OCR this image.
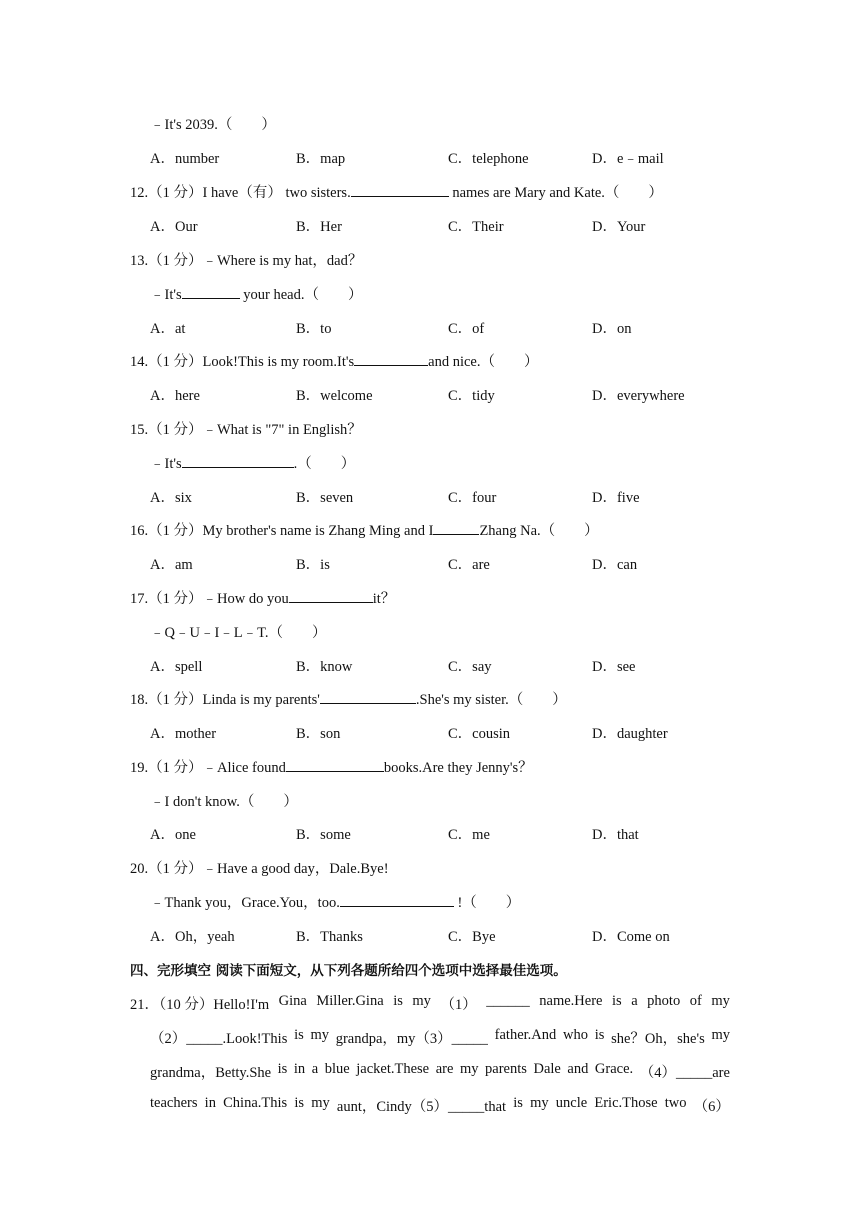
﹣It's 2039.（　　）
A．number	B．map	C．telephone	D．e﹣mail
12.（1 分）I have（有） two sisters.	names are Mary and Kate.（　　）
A．Our	B．Her	C．Their	D．Your
13.（1 分）﹣Where is my hat，dad？
﹣It's	your head.（　　）
A．at	B．to	C．of	D．on
14.（1 分）Look!This is my room.It's	and nice.（　　）
A．here	B．welcome	C．tidy	D．everywhere
15.（1 分）﹣What is "7" in English？
﹣It's	.（　　）
A．six	B．seven	C．four	D．five
16.（1 分）My brother's name is Zhang Ming and I	Zhang Na.（　　）
A．am	B．is	C．are	D．can
17.（1 分）﹣How do you	it？
﹣Q﹣U﹣I﹣L﹣T.（　　）
A．spell	B．know	C．say	D．see
18.（1 分）Linda is my parents'	.She's my sister.（　　）
A．mother	B．son	C．cousin	D．daughter
19.（1 分）﹣Alice found	books.Are they Jenny's？
﹣I don't know.（　　）
A．one	B．some	C．me	D．that
20.（1 分）﹣Have a good day，Dale.Bye!
﹣Thank you，Grace.You，too.	!（　　）
A．Oh，yeah	B．Thanks	C．Bye	D．Come on
四、完形填空 阅读下面短文，从下列各题所给四个选项中选择最佳选项。
21．（10 分）Hello!I'm Gina Miller.Gina is my （1） ______ name.Here is a photo of my
（2）_____.Look!This is my grandpa，my（3）_____ father.And who is she？Oh，she's my
grandma，Betty.She is in a blue jacket.These are my parents Dale and Grace. （4）_____are
teachers in China.This is my aunt，Cindy（5）_____that is my uncle Eric.Those two （6）
